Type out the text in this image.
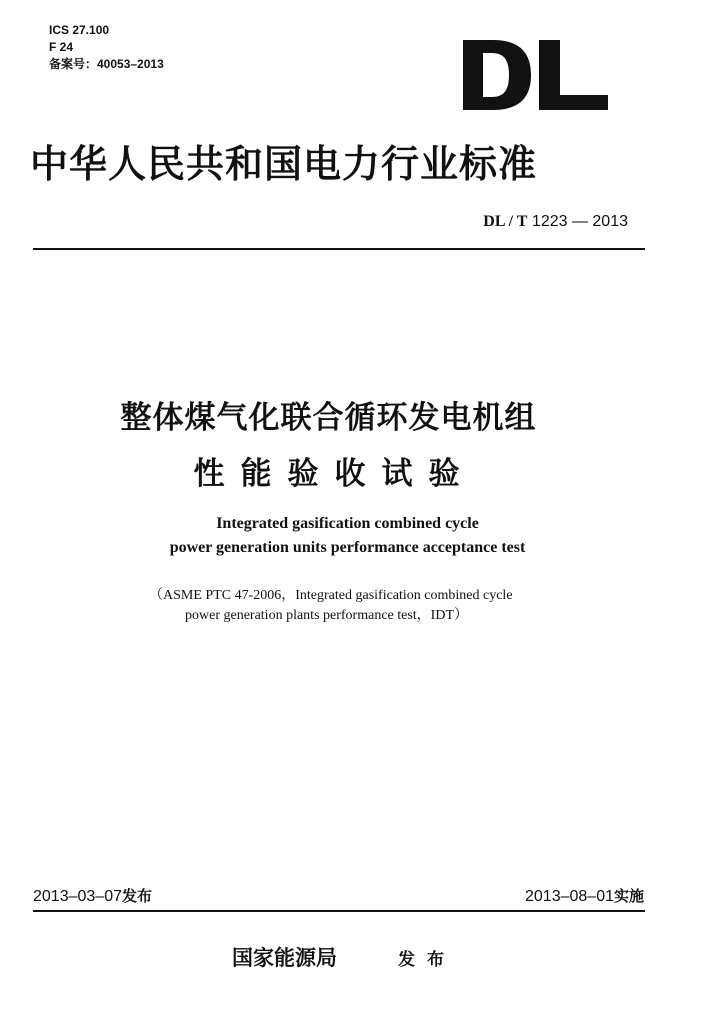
ICS 27.100
F 24
备案号：40053–2013
中华人民共和国电力行业标准
DL / T 1223 — 2013
整体煤气化联合循环发电机组
性能验收试验
Integrated gasification combined cycle
power generation units performance acceptance test
（ASME PTC 47-2006，Integrated gasification combined cycle
power generation plants performance test，IDT）
2013–03–07发布	2013–08–01实施
国家能源局	发布
